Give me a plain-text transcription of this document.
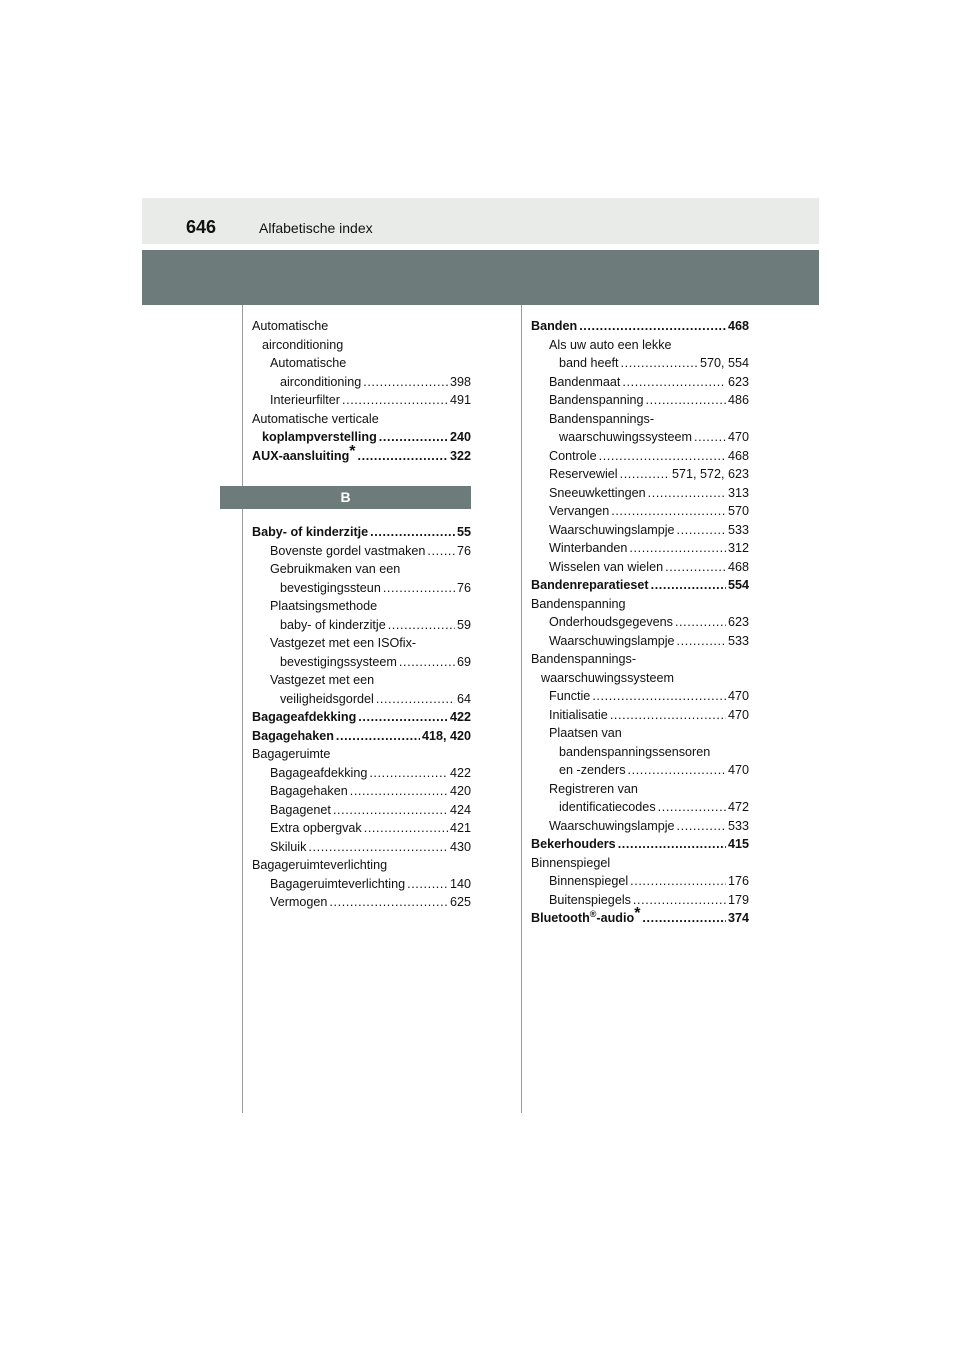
646	Alfabetische index
B
Automatische
airconditioning
Automatische
airconditioning .....	398
Interieurfilter .....	491
Automatische verticale
koplampverstelling .....	240
AUX-aansluiting* .....	322
Baby- of kinderzitje .....	55
Bovenste gordel vastmaken .....	76
Gebruikmaken van een
bevestigingssteun .....	76
Plaatsingsmethode
baby- of kinderzitje .....	59
Vastgezet met een ISOfix-
bevestigingssysteem .....	69
Vastgezet met een
veiligheidsgordel .....	64
Bagageafdekking .....	422
Bagagehaken .....	418, 420
Bagageruimte
Bagageafdekking .....	422
Bagagehaken .....	420
Bagagenet .....	424
Extra opbergvak .....	421
Skiluik .....	430
Bagageruimteverlichting
Bagageruimteverlichting .....	140
Vermogen .....	625
Banden .....	468
Als uw auto een lekke
band heeft .....	570, 554
Bandenmaat .....	623
Bandenspanning .....	486
Bandenspannings-
waarschuwingssysteem .....	470
Controle .....	468
Reservewiel .....	571, 572, 623
Sneeuwkettingen .....	313
Vervangen .....	570
Waarschuwingslampje .....	533
Winterbanden .....	312
Wisselen van wielen .....	468
Bandenreparatieset .....	554
Bandenspanning
Onderhoudsgegevens .....	623
Waarschuwingslampje .....	533
Bandenspannings-
waarschuwingssysteem
Functie .....	470
Initialisatie .....	470
Plaatsen van
bandenspanningssensoren
en -zenders .....	470
Registreren van
identificatiecodes .....	472
Waarschuwingslampje .....	533
Bekerhouders .....	415
Binnenspiegel
Binnenspiegel .....	176
Buitenspiegels .....	179
Bluetooth®-audio* .....	374
